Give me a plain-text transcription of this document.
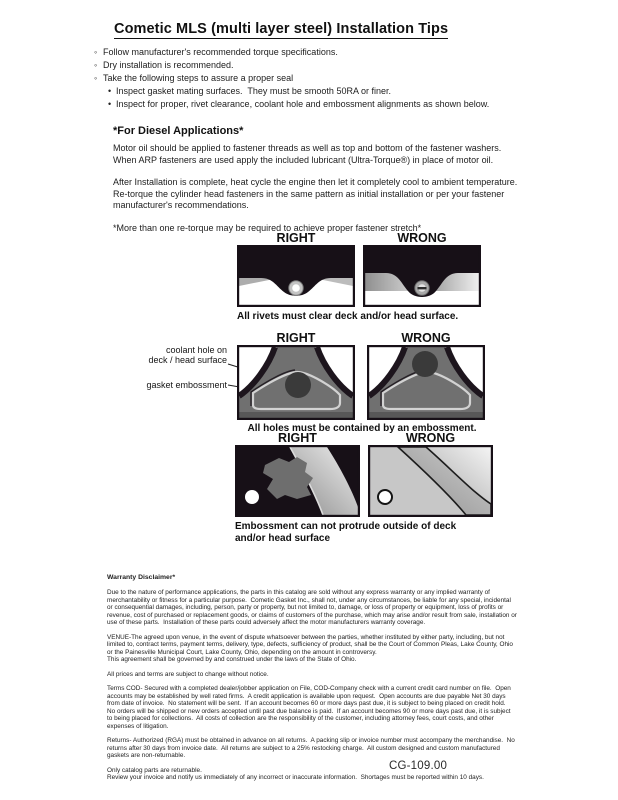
Cometic MLS (multi layer steel) Installation Tips
◦ Follow manufacturer's recommended torque specifications.
◦ Dry installation is recommended.
◦ Take the following steps to assure a proper seal
• Inspect gasket mating surfaces.  They must be smooth 50RA or finer.
• Inspect for proper, rivet clearance, coolant hole and embossment alignments as shown below.
*For Diesel Applications*

Motor oil should be applied to fastener threads as well as top and bottom of the fastener washers. When ARP fasteners are used apply the included lubricant (Ultra-Torque®) in place of motor oil.

After Installation is complete, heat cycle the engine then let it completely cool to ambient temperature. Re-torque the cylinder head fasteners in the same pattern as initial installation or per your fastener manufacturer's recommendations.

*More than one re-torque may be required to achieve proper fastener stretch*

RIGHT	WRONG
All rivets must clear deck and/or head surface.
coolant hole on
deck / head surface
gasket embossment
RIGHT	WRONG
All holes must be contained by an embossment.
RIGHT	WRONG
Embossment can not protrude outside of deck
and/or head surface
Warranty Disclaimer*

Due to the nature of performance applications, the parts in this catalog are sold without any express warranty or any implied warranty of merchantability or fitness for a particular purpose.  Cometic Gasket Inc., shall not, under any circumstances, be liable for any special, incidental or consequential damages, including, person, party or property, but not limited to, damage, or loss of property or equipment, loss of profits or revenue, cost of purchased or replacement goods, or claims of customers of the purchase, which may arise and/or result from sale, installation or use of these parts.  Installation of these parts could adversely affect the motor manufacturers warranty coverage.

VENUE-The agreed upon venue, in the event of dispute whatsoever between the parties, whether instituted by either party, including, but not limited to, contract terms, payment terms, delivery, type, defects, sufficiency of product, shall be the Court of Common Pleas, Lake County, Ohio or the Painesville Municipal Court, Lake County, Ohio, depending on the amount in controversy.

This agreement shall be governed by and construed under the laws of the State of Ohio.

All prices and terms are subject to change without notice.

Terms COD- Secured with a completed dealer/jobber application on File, COD-Company check with a current credit card number on file.  Open accounts may be established by well rated firms.  A credit application is available upon request.  Open accounts are due payable Net 30 days from date of invoice.  No statement will be sent.  If an account becomes 60 or more days past due, it is subject to being placed on credit hold.  No orders will be shipped or new orders accepted until past due balance is paid.  If an account becomes 90 or more days past due, it is subject to being placed for collections.  All costs of collection are the responsibility of the customer, including attorney fees, court costs, and other expenses of litigation.

Returns- Authorized (RGA) must be obtained in advance on all returns.  A packing slip or invoice number must accompany the merchandise.  No returns after 30 days from invoice date.  All returns are subject to a 25% restocking charge.  All custom designed and custom manufactured gaskets are non-returnable.

Only catalog parts are returnable.

Review your invoice and notify us immediately of any incorrect or inaccurate information.  Shortages must be reported within 10 days.

CG-109.00
